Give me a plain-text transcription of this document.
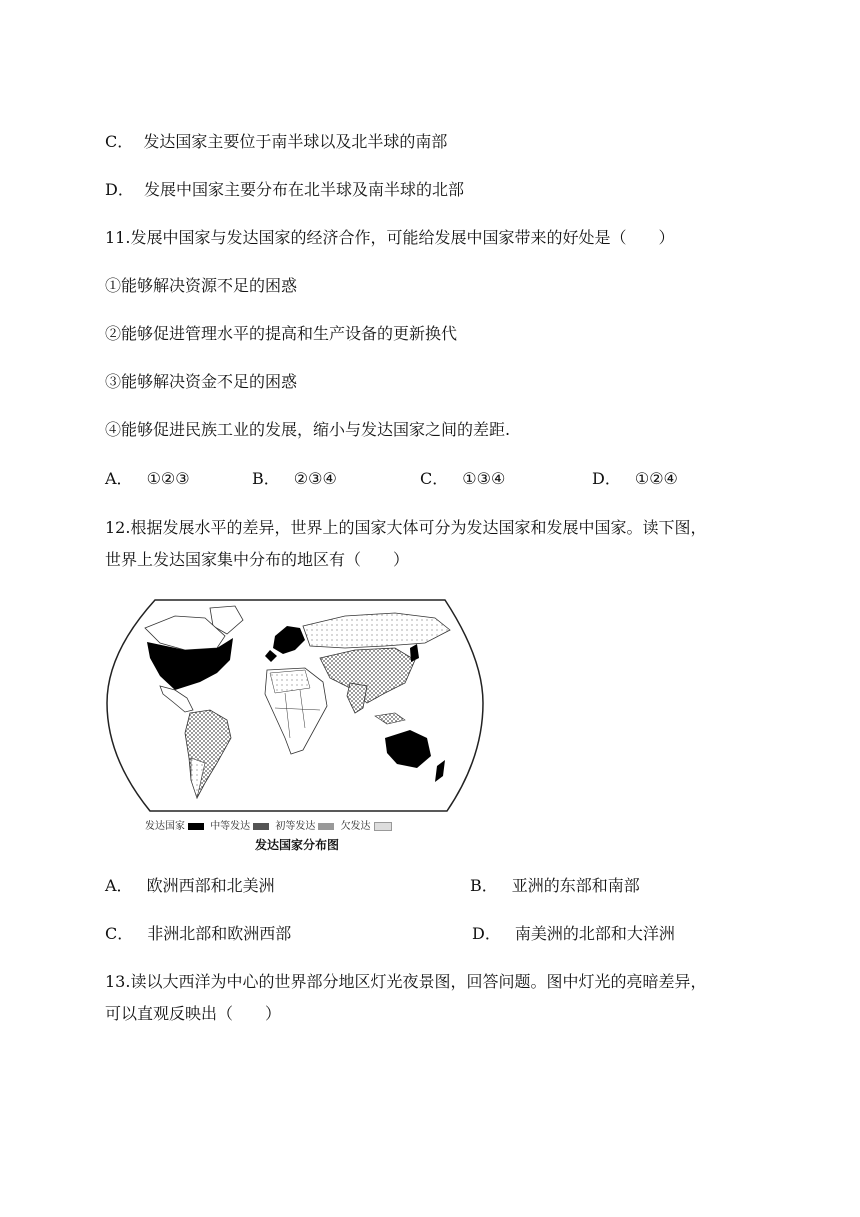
C． 发达国家主要位于南半球以及北半球的南部
D． 发展中国家主要分布在北半球及南半球的北部
11.发展中国家与发达国家的经济合作，可能给发展中国家带来的好处是（　　）
①能够解决资源不足的困惑
②能够促进管理水平的提高和生产设备的更新换代
③能够解决资金不足的困惑
④能够促进民族工业的发展，缩小与发达国家之间的差距.
A． ①②③	B． ②③④	C． ①③④	D． ①②④
12.根据发展水平的差异，世界上的国家大体可分为发达国家和发展中国家。读下图，
世界上发达国家集中分布的地区有（　　）
发达国家	中等发达	初等发达	欠发达
发达国家分布图
A． 欧洲西部和北美洲	B． 亚洲的东部和南部
C． 非洲北部和欧洲西部	D． 南美洲的北部和大洋洲
13.读以大西洋为中心的世界部分地区灯光夜景图，回答问题。图中灯光的亮暗差异，
可以直观反映出（　　）
